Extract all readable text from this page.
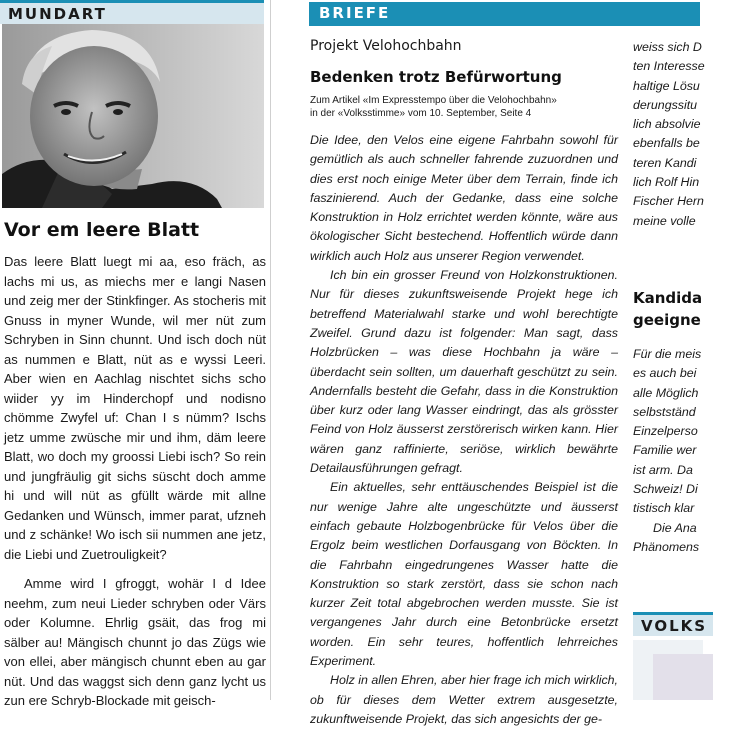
MUNDART
Vor em leere Blatt

Das leere Blatt luegt mi aa, eso fräch, as lachs mi us, as miechs mer e langi Nasen und zeig mer der Stinkfinger. As stocheris mit Gnuss in myner Wunde, wil mer nüt zum Schryben in Sinn chunnt. Und isch doch nüt as nummen e Blatt, nüt as e wyssi Leeri. Aber wien en Aachlag nischtet sichs scho wiider yy im Hinderchopf und nodisno chömme Zwyfel uf: Chan I s nümm? Ischs jetz umme zwüsche mir und ihm, däm leere Blatt, wo doch my groossi Liebi isch? So rein und jungfräulig git sichs süscht doch amme hi und will nüt as gfüllt wärde mit allne Gedanken und Wünsch, immer parat, ufzneh und z schänke! Wo isch sii nummen ane jetz, die Liebi und Zuetrouligkeit?

Amme wird I gfroggt, wohär I d Idee neehm, zum neui Lieder schryben oder Värs oder Kolumne. Ehrlig gsäit, das frog mi sälber au! Mängisch chunnt jo das Zügs wie von ellei, aber mängisch chunnt eben au gar nüt. Und das waggst sich denn ganz lycht us zun ere Schryb-Blockade mit geisch-

BRIEFE
Projekt Velohochbahn
Bedenken trotz Befürwortung
Zum Artikel «Im Expresstempo über die Velohochbahn»
in der «Volksstimme» vom 10. September, Seite 4

Die Idee, den Velos eine eigene Fahrbahn sowohl für gemütlich als auch schneller fahrende zuzuordnen und dies erst noch einige Meter über dem Terrain, finde ich faszinierend. Auch der Gedanke, dass eine solche Konstruktion in Holz errichtet werden könnte, wäre aus ökologischer Sicht bestechend. Hoffentlich würde dann wirklich auch Holz aus unserer Region verwendet.

Ich bin ein grosser Freund von Holzkonstruktionen. Nur für dieses zukunftsweisende Projekt hege ich betreffend Materialwahl starke und wohl berechtigte Zweifel. Grund dazu ist folgender: Man sagt, dass Holzbrücken – was diese Hochbahn ja wäre – überdacht sein sollten, um dauerhaft geschützt zu sein. Andernfalls besteht die Gefahr, dass in die Konstruktion über kurz oder lang Wasser eindringt, das als grösster Feind von Holz äusserst zerstörerisch wirken kann. Hier wären ganz raffinierte, seriöse, wirklich bewährte Detailausführungen gefragt.

Ein aktuelles, sehr enttäuschendes Beispiel ist die nur wenige Jahre alte ungeschützte und äusserst einfach gebaute Holzbogenbrücke für Velos über die Ergolz beim westlichen Dorfausgang von Böckten. In die Fahrbahn eingedrungenes Wasser hatte die Konstruktion so stark zerstört, dass sie schon nach kurzer Zeit total abgebrochen werden musste. Sie ist vergangenes Jahr durch eine Betonbrücke ersetzt worden. Ein sehr teures, hoffentlich lehrreiches Experiment.

Holz in allen Ehren, aber hier frage ich mich wirklich, ob für dieses dem Wetter extrem ausgesetzte, zukunftweisende Projekt, das sich angesichts der ge-

weiss sich D
ten Interesse
haltige Lösu
derungssitu
lich absolvie
ebenfalls be
teren Kandi
lich Rolf Hin
Fischer Hern
meine volle
Kandida
geeigne
Für die meis
es auch bei
alle Möglich
selbstständ
Einzelperso
Familie wer
ist arm. Da
Schweiz! Di
tistisch klar
Die Ana
Phänomens
VOLKS
